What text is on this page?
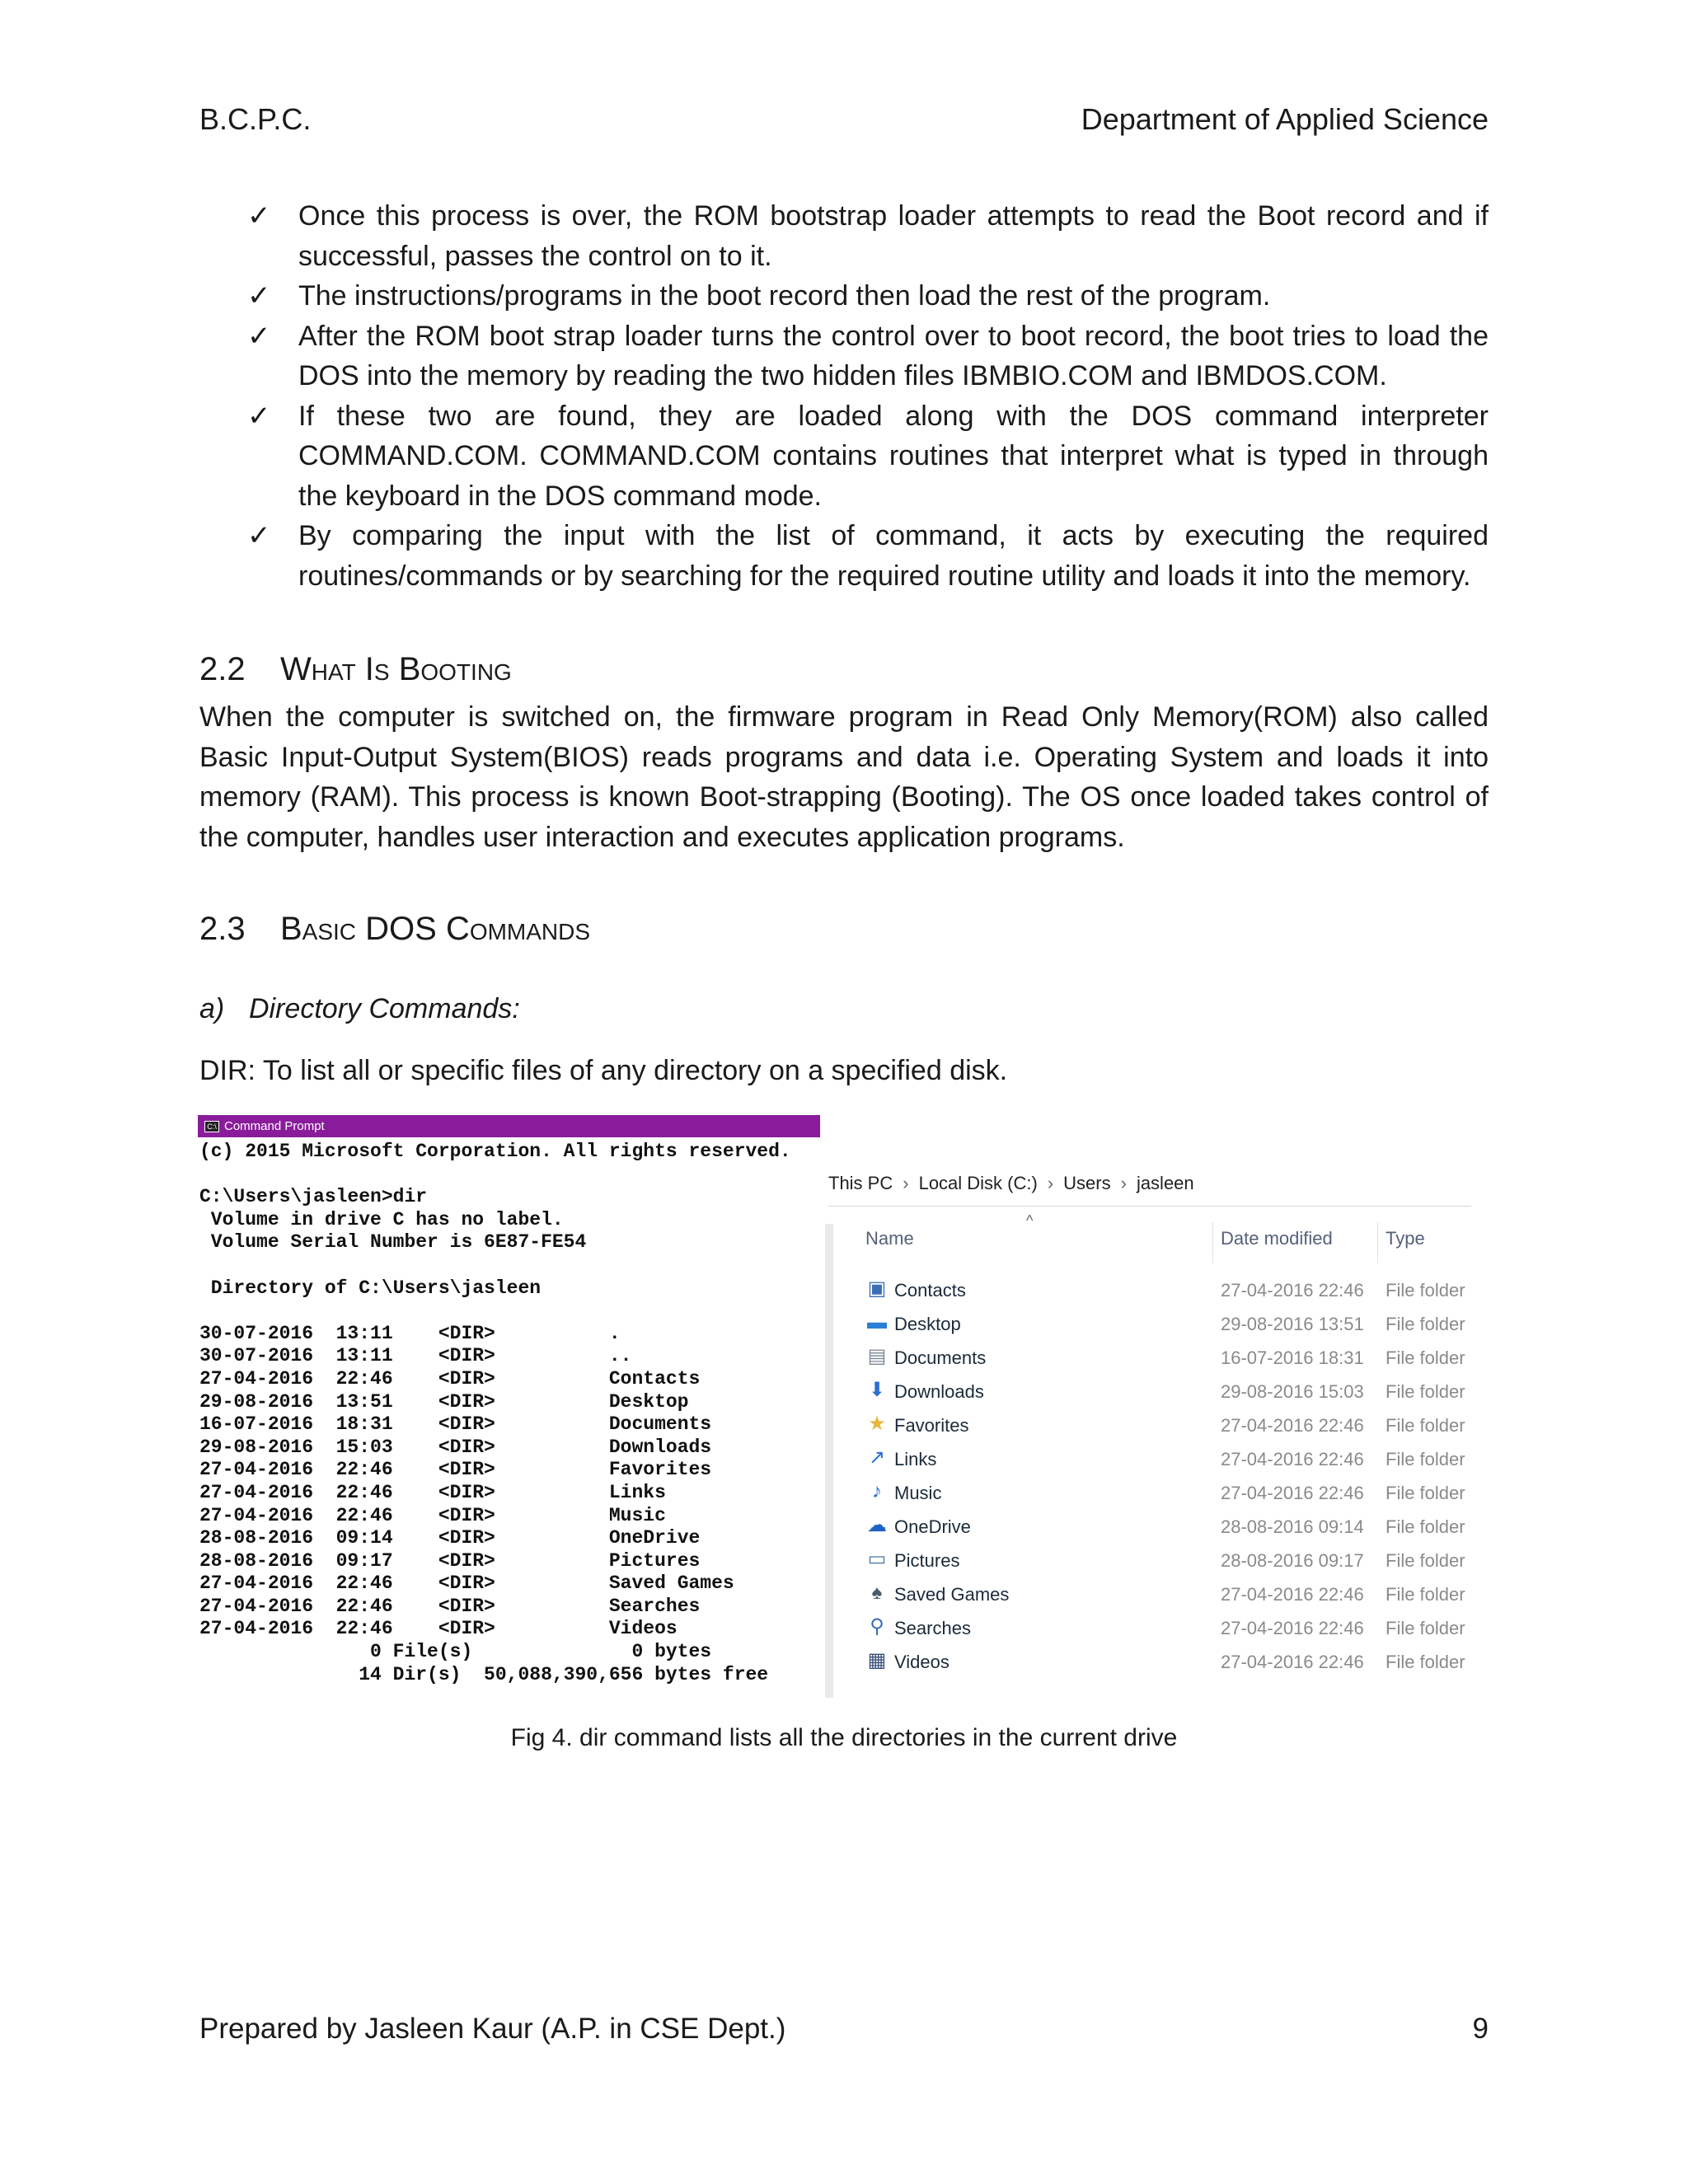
B.C.P.C.	Department of Applied Science
✓ Once this process is over, the ROM bootstrap loader attempts to read the Boot record and if successful, passes the control on to it.
✓ The instructions/programs in the boot record then load the rest of the program.
✓ After the ROM boot strap loader turns the control over to boot record, the boot tries to load the DOS into the memory by reading the two hidden files IBMBIO.COM and IBMDOS.COM.
✓ If these two are found, they are loaded along with the DOS command interpreter COMMAND.COM. COMMAND.COM contains routines that interpret what is typed in through the keyboard in the DOS command mode.
✓ By comparing the input with the list of command, it acts by executing the required routines/commands or by searching for the required routine utility and loads it into the memory.
2.2 What Is Booting
When the computer is switched on, the firmware program in Read Only Memory(ROM) also called Basic Input-Output System(BIOS) reads programs and data i.e. Operating System and loads it into memory (RAM). This process is known Boot-strapping (Booting). The OS once loaded takes control of the computer, handles user interaction and executes application programs.
2.3 Basic DOS Commands
a) Directory Commands:
DIR: To list all or specific files of any directory on a specified disk.
C:\ Command Prompt
(c) 2015 Microsoft Corporation. All rights reserved.

C:\Users\jasleen>dir
Volume in drive C has no label.
Volume Serial Number is 6E87-FE54

Directory of C:\Users\jasleen

30-07-2016  13:11    <DIR>          .
30-07-2016  13:11    <DIR>          ..
27-04-2016  22:46    <DIR>          Contacts
29-08-2016  13:51    <DIR>          Desktop
16-07-2016  18:31    <DIR>          Documents
29-08-2016  15:03    <DIR>          Downloads
27-04-2016  22:46    <DIR>          Favorites
27-04-2016  22:46    <DIR>          Links
27-04-2016  22:46    <DIR>          Music
28-08-2016  09:14    <DIR>          OneDrive
28-08-2016  09:17    <DIR>          Pictures
27-04-2016  22:46    <DIR>          Saved Games
27-04-2016  22:46    <DIR>          Searches
27-04-2016  22:46    <DIR>          Videos
0 File(s)              0 bytes
14 Dir(s)  50,088,390,656 bytes free

This PC › Local Disk (C:) › Users › jasleen
^
Name	Date modified	Type
▣ Contacts	27-04-2016 22:46 File folder
▬ Desktop	29-08-2016 13:51 File folder
▤ Documents	16-07-2016 18:31 File folder
⬇ Downloads	29-08-2016 15:03 File folder
★ Favorites	27-04-2016 22:46 File folder
↗ Links	27-04-2016 22:46 File folder
♪ Music	27-04-2016 22:46 File folder
☁ OneDrive	28-08-2016 09:14 File folder
▭ Pictures	28-08-2016 09:17 File folder
♠ Saved Games	27-04-2016 22:46 File folder
⚲ Searches	27-04-2016 22:46 File folder
▦ Videos	27-04-2016 22:46 File folder
Fig 4. dir command lists all the directories in the current drive
Prepared by Jasleen Kaur (A.P. in CSE Dept.)	9
